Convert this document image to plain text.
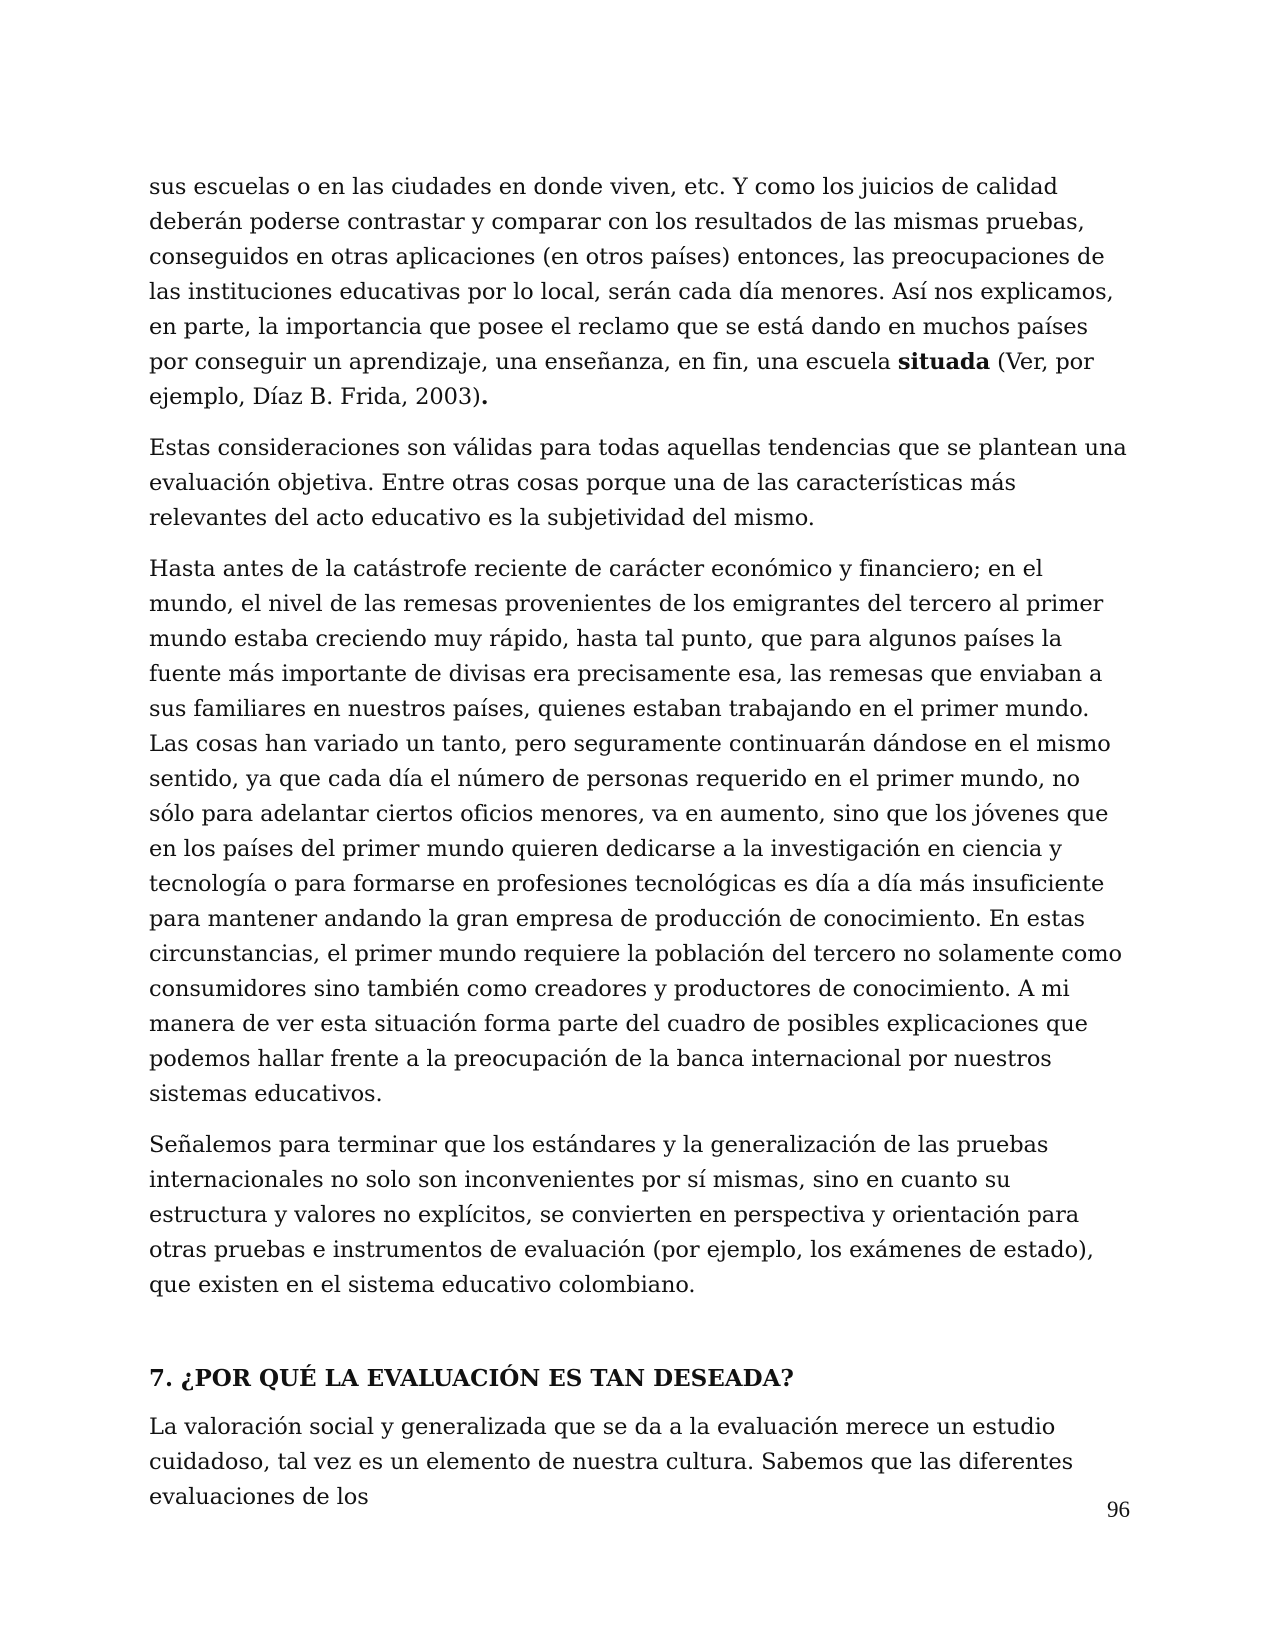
sus escuelas o en las ciudades en donde viven, etc. Y como los juicios de calidad deberán poderse contrastar y comparar con los resultados de las mismas pruebas, conseguidos en otras aplicaciones (en otros países) entonces, las preocupaciones de las instituciones educativas por lo local, serán cada día menores. Así nos explicamos, en parte, la importancia que posee el reclamo que se está dando en muchos países por conseguir un aprendizaje, una enseñanza, en fin, una escuela situada (Ver, por ejemplo, Díaz B. Frida, 2003).

Estas consideraciones son válidas para todas aquellas tendencias que se plantean una evaluación objetiva. Entre otras cosas porque una de las características más relevantes del acto educativo es la subjetividad del mismo.

Hasta antes de la catástrofe reciente de carácter económico y financiero; en el mundo, el nivel de las remesas provenientes de los emigrantes del tercero al primer mundo estaba creciendo muy rápido, hasta tal punto, que para algunos países la fuente más importante de divisas era precisamente esa, las remesas que enviaban a sus familiares en nuestros países, quienes estaban trabajando en el primer mundo. Las cosas han variado un tanto, pero seguramente continuarán dándose en el mismo sentido, ya que cada día el número de personas requerido en el primer mundo, no sólo para adelantar ciertos oficios menores, va en aumento, sino que los jóvenes que en los países del primer mundo quieren dedicarse a la investigación en ciencia y tecnología o para formarse en profesiones tecnológicas es día a día más insuficiente para mantener andando la gran empresa de producción de conocimiento. En estas circunstancias, el primer mundo requiere la población del tercero no solamente como consumidores sino también como creadores y productores de conocimiento. A mi manera de ver esta situación forma parte del cuadro de posibles explicaciones que podemos hallar frente a la preocupación de la banca internacional por nuestros sistemas educativos.

Señalemos para terminar que los estándares y la generalización de las pruebas internacionales no solo son inconvenientes por sí mismas, sino en cuanto su estructura y valores no explícitos, se convierten en perspectiva y orientación para otras pruebas e instrumentos de evaluación (por ejemplo, los exámenes de estado), que existen en el sistema educativo colombiano.

7. ¿POR QUÉ LA EVALUACIÓN ES TAN DESEADA?

La valoración social y generalizada que se da a la evaluación merece un estudio cuidadoso, tal vez es un elemento de nuestra cultura. Sabemos que las diferentes evaluaciones de los	96
